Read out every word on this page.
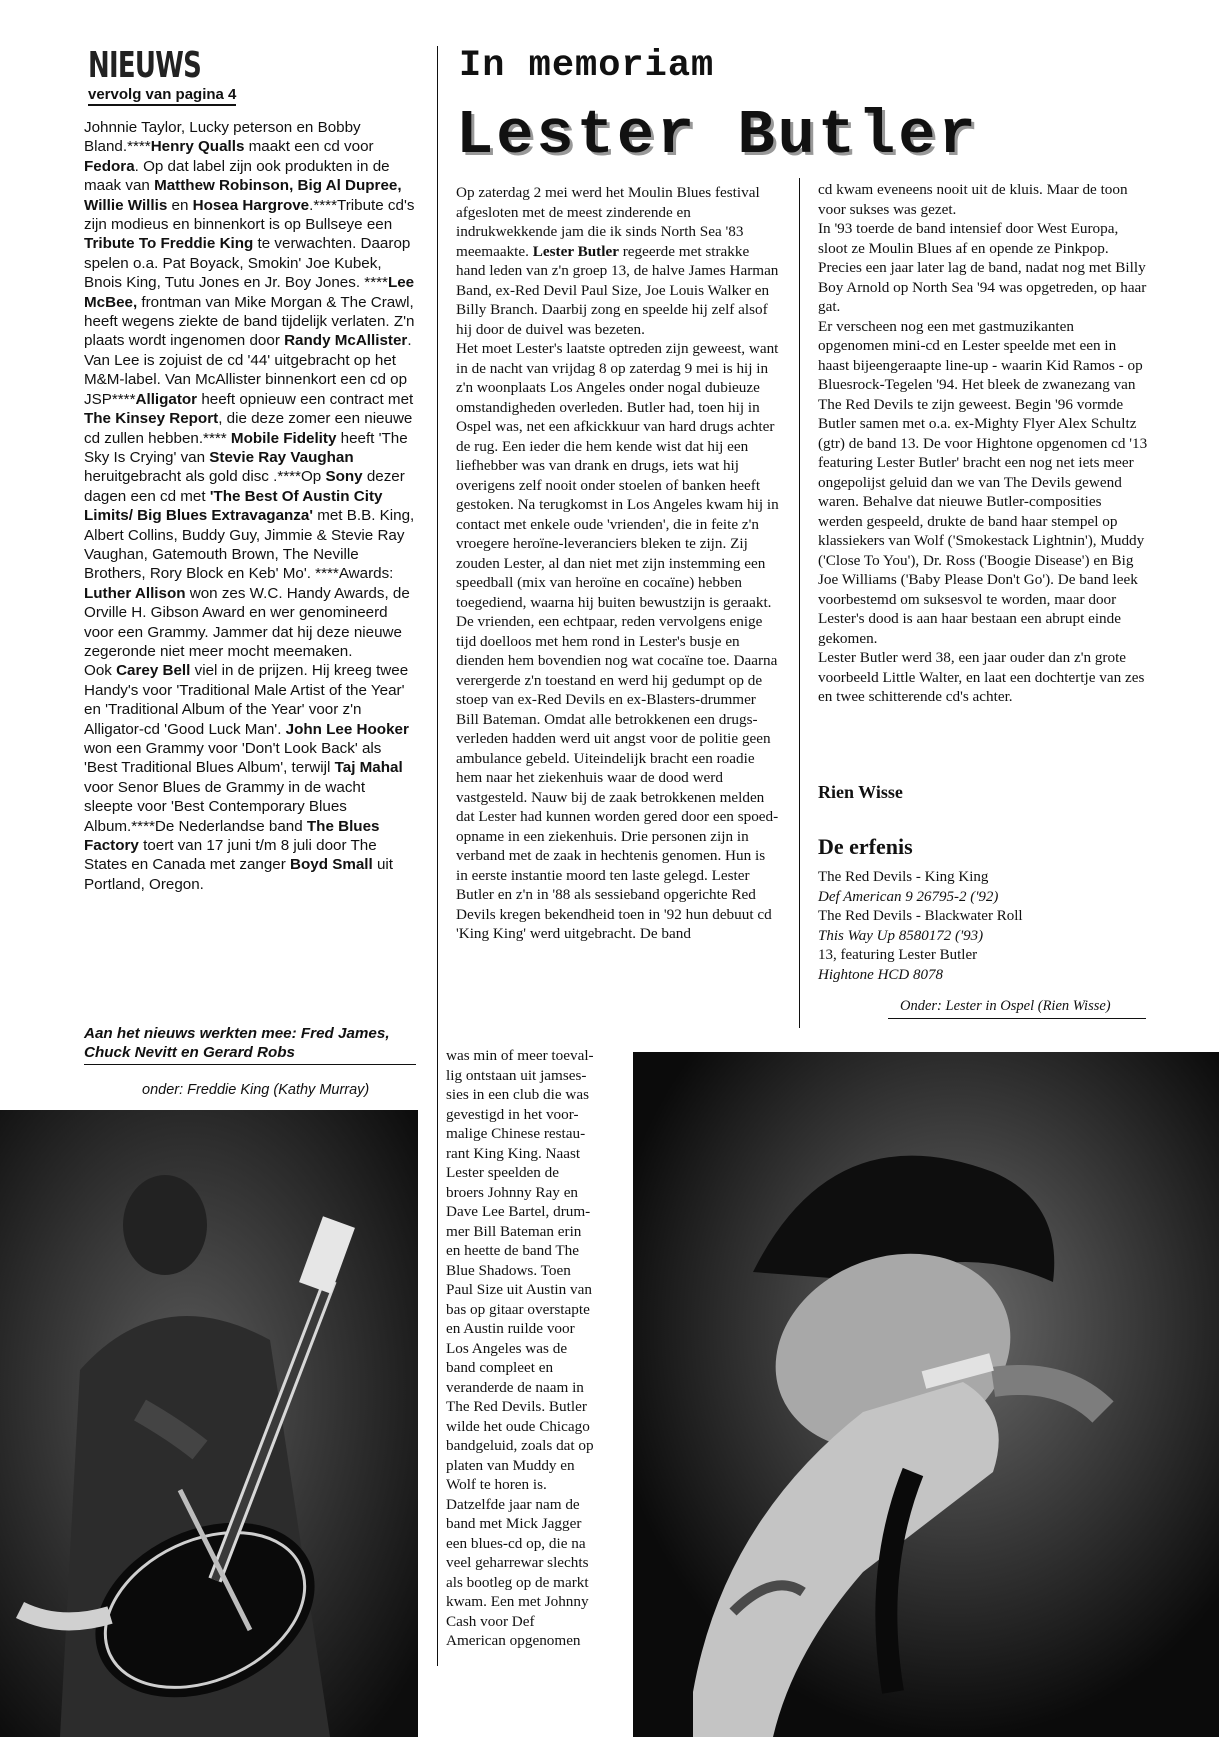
NIEUWS
vervolg van pagina 4

Johnnie Taylor, Lucky peterson en Bobby Bland.****Henry Qualls maakt een cd voor Fedora. Op dat label zijn ook produkten in de maak van Matthew Robinson, Big Al Dupree, Willie Willis en Hosea Hargrove.****Tribute cd's zijn modieus en binnenkort is op Bullseye een Tribute To Freddie King te verwachten. Daarop spelen o.a. Pat Boyack, Smokin' Joe Kubek, Bnois King, Tutu Jones en Jr. Boy Jones. ****Lee McBee, frontman van Mike Morgan & The Crawl, heeft wegens ziekte de band tijdelijk verlaten. Z'n plaats wordt ingenomen door Randy McAllister. Van Lee is zojuist de cd '44' uitgebracht op het M&M-label. Van McAllister binnenkort een cd op JSP****Alligator heeft opnieuw een contract met The Kinsey Report, die deze zomer een nieuwe cd zullen hebben.**** Mobile Fidelity heeft 'The Sky Is Crying' van Stevie Ray Vaughan heruitgebracht als gold disc .****Op Sony dezer dagen een cd met 'The Best Of Austin City Limits/ Big Blues Extravaganza' met B.B. King, Albert Collins, Buddy Guy, Jimmie & Stevie Ray Vaughan, Gatemouth Brown, The Neville Brothers, Rory Block en Keb' Mo'. ****Awards: Luther Allison won zes W.C. Handy Awards, de Orville H. Gibson Award en wer genomineerd voor een Grammy. Jammer dat hij deze nieuwe zegeronde niet meer mocht meemaken.

Ook Carey Bell viel in de prijzen. Hij kreeg twee Handy's voor 'Traditional Male Artist of the Year' en 'Traditional Album of the Year' voor z'n Alligator-cd 'Good Luck Man'. John Lee Hooker won een Grammy voor 'Don't Look Back' als 'Best Traditional Blues Album', terwijl Taj Mahal voor Senor Blues de Grammy in de wacht sleepte voor 'Best Contemporary Blues Album.****De Nederlandse band The Blues Factory toert van 17 juni t/m 8 juli door The States en Canada met zanger Boyd Small uit Portland, Oregon.

Aan het nieuws werkten mee: Fred James, Chuck Nevitt en Gerard Robs
onder: Freddie King (Kathy Murray)
In memoriam
Lester Butler

Op zaterdag 2 mei werd het Moulin Blues festival afgesloten met de meest zinderende en indrukwekkende jam die ik sinds North Sea '83 meemaakte. Lester Butler regeerde met strakke hand leden van z'n groep 13, de halve James Harman Band, ex-Red Devil Paul Size, Joe Louis Walker en Billy Branch. Daarbij zong en speelde hij zelf alsof hij door de duivel was bezeten.

Het moet Lester's laatste optreden zijn geweest, want in de nacht van vrijdag 8 op zaterdag 9 mei is hij in z'n woonplaats Los Angeles onder nogal dubieuze omstandigheden overleden. Butler had, toen hij in Ospel was, net een afkickkuur van hard drugs achter de rug. Een ieder die hem kende wist dat hij een liefhebber was van drank en drugs, iets wat hij overigens zelf nooit onder stoelen of banken heeft gestoken. Na terugkomst in Los Angeles kwam hij in contact met enkele oude 'vrienden', die in feite z'n vroegere heroïne-leveranciers bleken te zijn. Zij zouden Lester, al dan niet met zijn instemming een speedball (mix van heroïne en cocaïne) hebben toegediend, waarna hij buiten bewustzijn is geraakt. De vrienden, een echtpaar, reden vervolgens enige tijd doelloos met hem rond in Lester's busje en dienden hem bovendien nog wat cocaïne toe. Daarna verergerde z'n toestand en werd hij gedumpt op de stoep van ex-Red Devils en ex-Blasters-drummer Bill Bateman. Omdat alle betrokkenen een drugs-verleden hadden werd uit angst voor de politie geen ambulance gebeld. Uiteindelijk bracht een roadie hem naar het ziekenhuis waar de dood werd vastgesteld. Nauw bij de zaak betrokkenen melden dat Lester had kunnen worden gered door een spoed-opname in een ziekenhuis. Drie personen zijn in verband met de zaak in hechtenis genomen. Hun is in eerste instantie moord ten laste gelegd. Lester Butler en z'n in '88 als sessieband opgerichte Red Devils kregen bekendheid toen in '92 hun debuut cd 'King King' werd uitgebracht. De band

was min of meer toeval-lig ontstaan uit jamses-sies in een club die was gevestigd in het voor-malige Chinese restau-rant King King. Naast Lester speelden de broers Johnny Ray en Dave Lee Bartel, drum-mer Bill Bateman erin en heette de band The Blue Shadows. Toen Paul Size uit Austin van bas op gitaar overstapte en Austin ruilde voor Los Angeles was de band compleet en veranderde de naam in The Red Devils. Butler wilde het oude Chicago bandgeluid, zoals dat op platen van Muddy en Wolf te horen is. Datzelfde jaar nam de band met Mick Jagger een blues-cd op, die na veel geharrewar slechts als bootleg op de markt kwam. Een met Johnny Cash voor Def American opgenomen

cd kwam eveneens nooit uit de kluis. Maar de toon voor sukses was gezet.

In '93 toerde de band intensief door West Europa, sloot ze Moulin Blues af en opende ze Pinkpop. Precies een jaar later lag de band, nadat nog met Billy Boy Arnold op North Sea '94 was opgetreden, op haar gat.

Er verscheen nog een met gastmuzikanten opgenomen mini-cd en Lester speelde met een in haast bijeengeraapte line-up - waarin Kid Ramos - op Bluesrock-Tegelen '94. Het bleek de zwanezang van The Red Devils te zijn geweest. Begin '96 vormde Butler samen met o.a. ex-Mighty Flyer Alex Schultz (gtr) de band 13. De voor Hightone opgenomen cd '13 featuring Lester Butler' bracht een nog net iets meer ongepolijst geluid dan we van The Devils gewend waren. Behalve dat nieuwe Butler-composities werden gespeeld, drukte de band haar stempel op klassiekers van Wolf ('Smokestack Lightnin'), Muddy ('Close To You'), Dr. Ross ('Boogie Disease') en Big Joe Williams ('Baby Please Don't Go'). De band leek voorbestemd om suksesvol te worden, maar door Lester's dood is aan haar bestaan een abrupt einde gekomen.

Lester Butler werd 38, een jaar ouder dan z'n grote voorbeeld Little Walter, en laat een dochtertje van zes en twee schitterende cd's achter.

Rien Wisse
De erfenis
The Red Devils - King King
Def American 9 26795-2 ('92)
The Red Devils - Blackwater Roll
This Way Up 8580172 ('93)
13, featuring Lester Butler
Hightone HCD 8078
Onder: Lester in Ospel (Rien Wisse)
